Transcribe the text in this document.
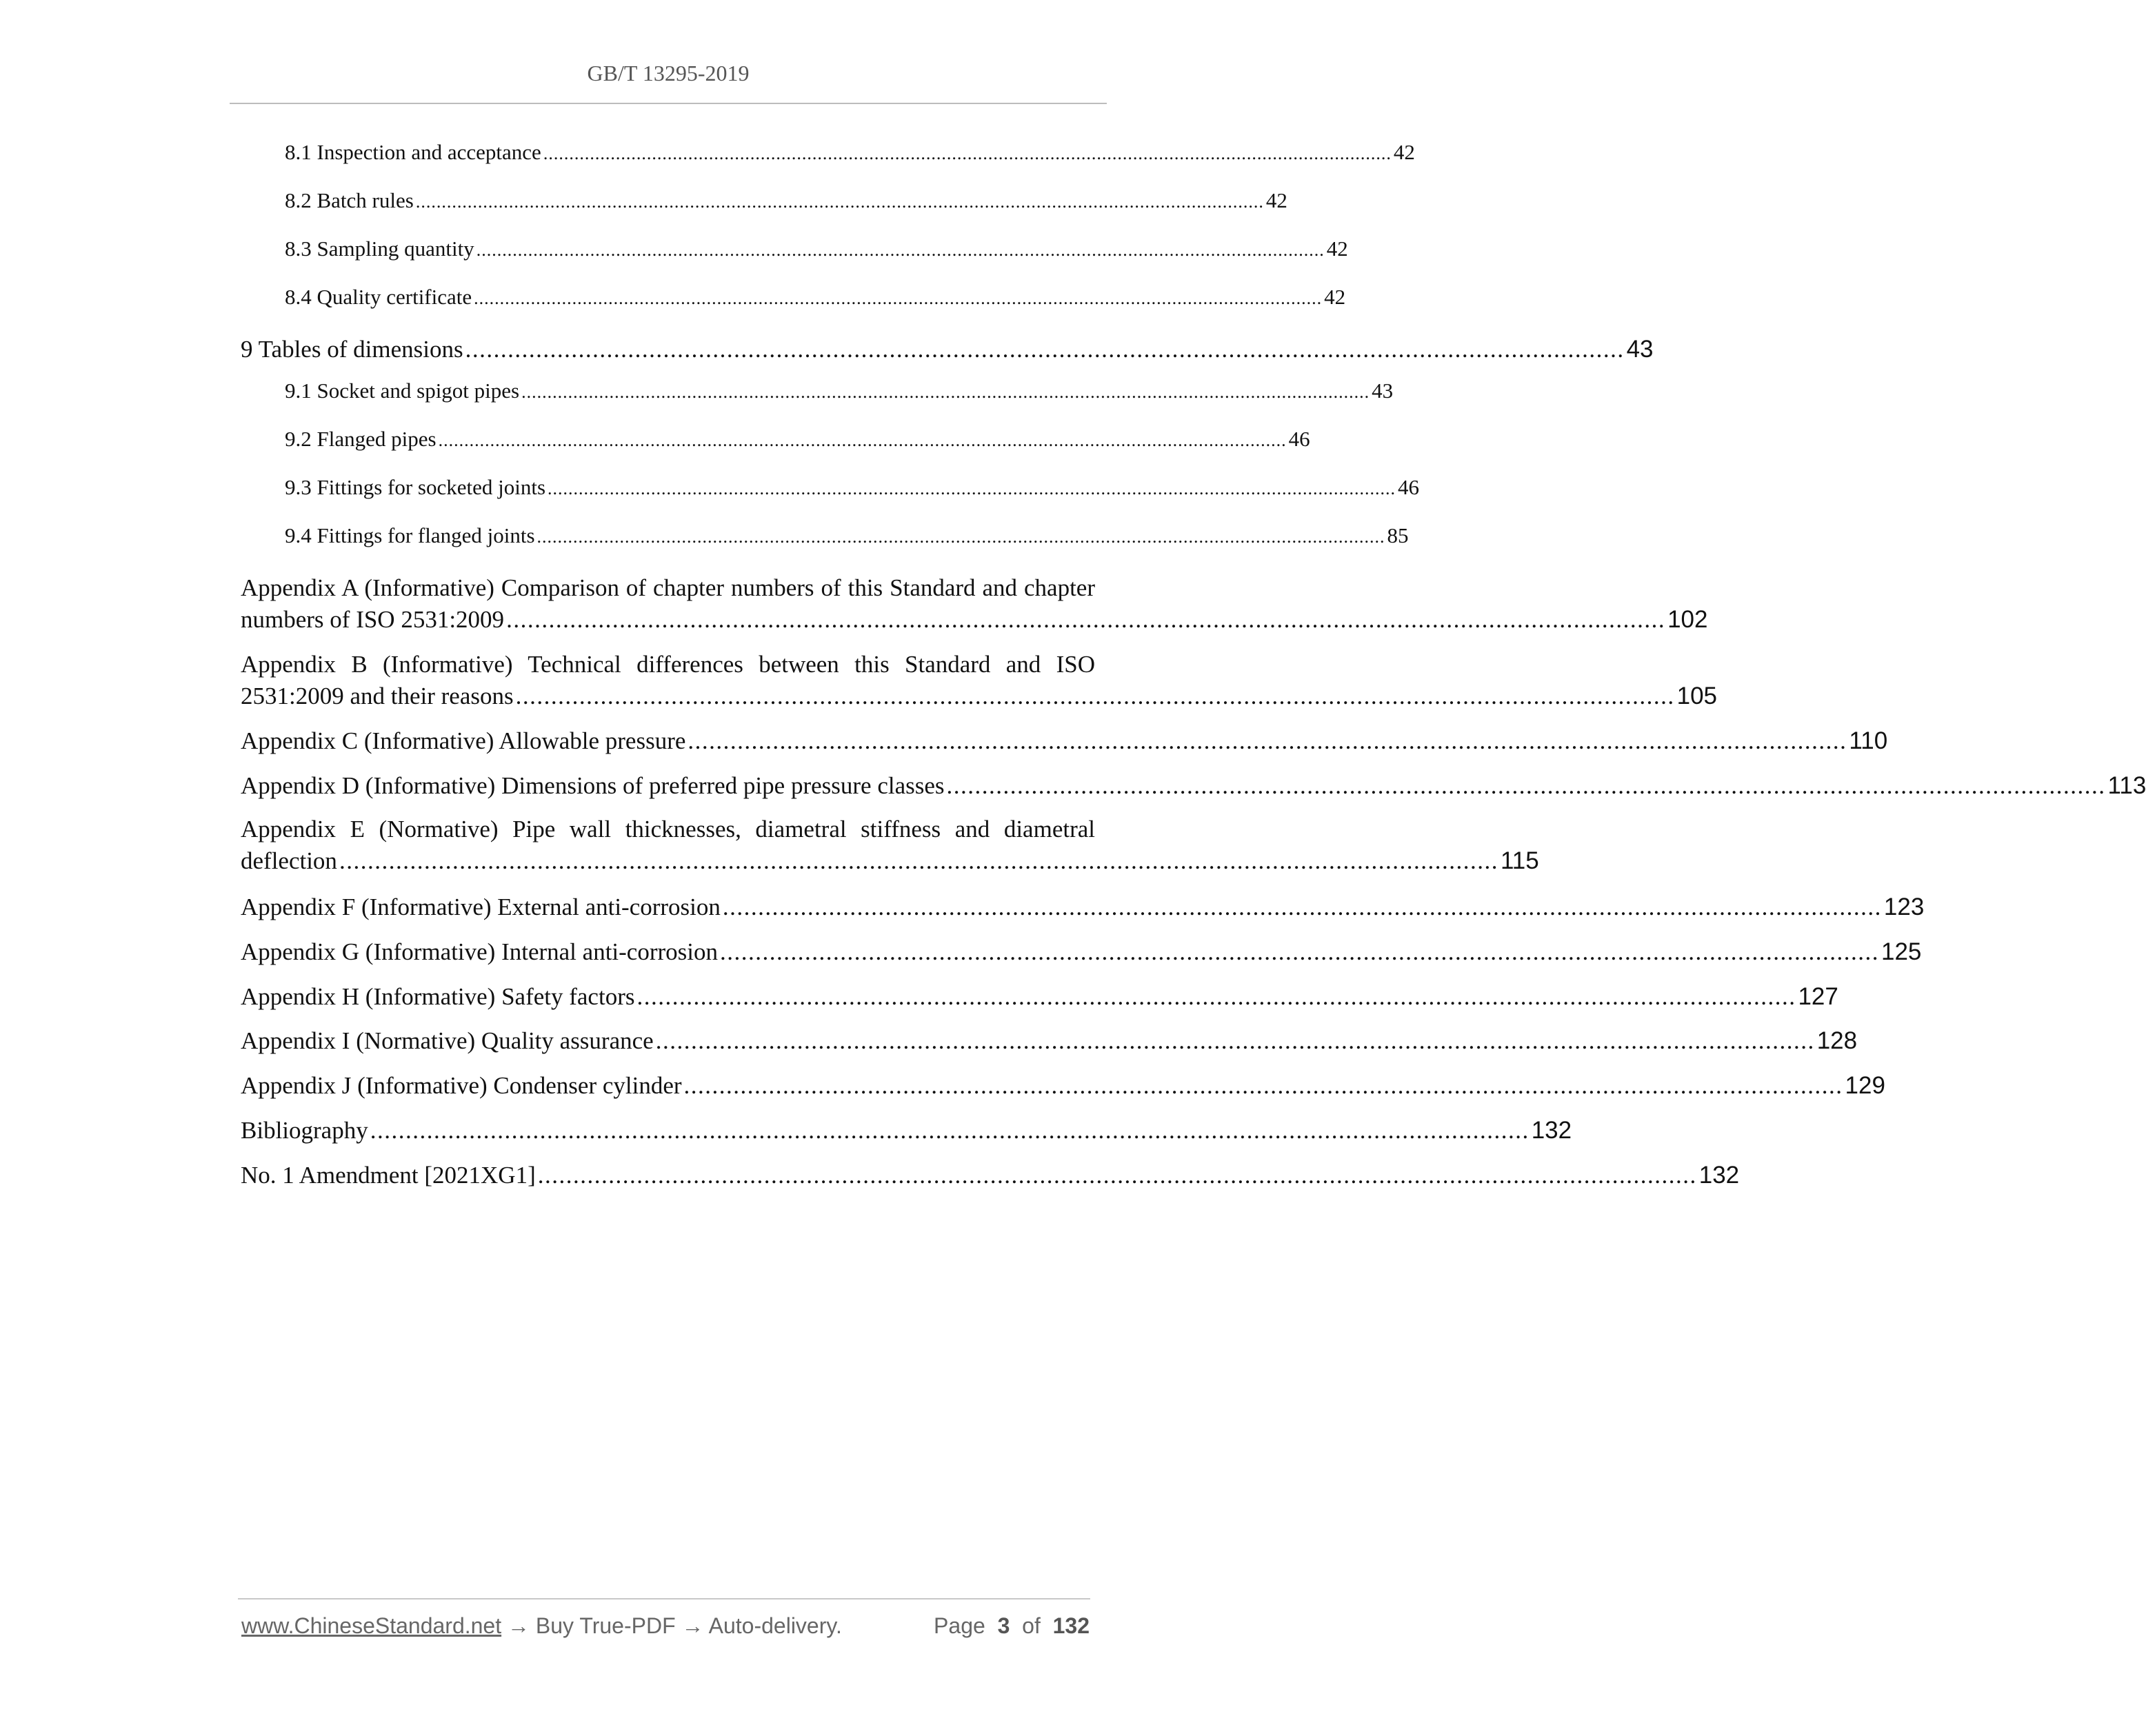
GB/T 13295-2019
8.1 Inspection and acceptance .................................................................................................................................................................... 42
8.2 Batch rules .................................................................................................................................................................... 42
8.3 Sampling quantity .................................................................................................................................................................... 42
8.4 Quality certificate .................................................................................................................................................................... 42
9 Tables of dimensions .................................................................................................................................................................... 43
9.1 Socket and spigot pipes .................................................................................................................................................................... 43
9.2 Flanged pipes .................................................................................................................................................................... 46
9.3 Fittings for socketed joints .................................................................................................................................................................... 46
9.4 Fittings for flanged joints .................................................................................................................................................................... 85
Appendix A (Informative) Comparison of chapter numbers of this Standard and chapter
numbers of ISO 2531:2009 .................................................................................................................................................................... 102
Appendix B (Informative) Technical differences between this Standard and ISO
2531:2009 and their reasons .................................................................................................................................................................... 105
Appendix C (Informative) Allowable pressure .................................................................................................................................................................... 110
Appendix D (Informative) Dimensions of preferred pipe pressure classes .................................................................................................................................................................... 113
Appendix E (Normative) Pipe wall thicknesses, diametral stiffness and diametral
deflection .................................................................................................................................................................... 115
Appendix F (Informative) External anti-corrosion .................................................................................................................................................................... 123
Appendix G (Informative) Internal anti-corrosion .................................................................................................................................................................... 125
Appendix H (Informative) Safety factors .................................................................................................................................................................... 127
Appendix I (Normative) Quality assurance .................................................................................................................................................................... 128
Appendix J (Informative) Condenser cylinder .................................................................................................................................................................... 129
Bibliography .................................................................................................................................................................... 132
No. 1 Amendment [2021XG1] .................................................................................................................................................................... 132
www.ChineseStandard.net → Buy True-PDF → Auto-delivery.	Page 3 of 132
